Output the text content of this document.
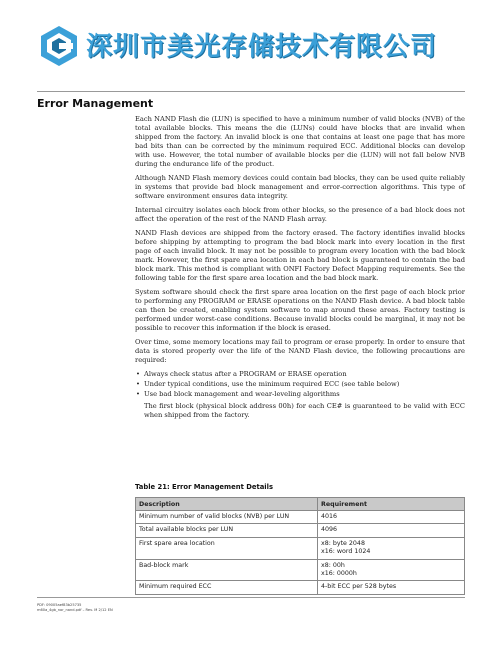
深圳市美光存储技术有限公司
Error Management

Each NAND Flash die (LUN) is specified to have a minimum number of valid blocks (NVB) of the total available blocks. This means the die (LUNs) could have blocks that are invalid when shipped from the factory. An invalid block is one that contains at least one page that has more bad bits than can be corrected by the minimum required ECC. Additional blocks can develop with use. However, the total number of available blocks per die (LUN) will not fall below NVB during the endurance life of the product.

Although NAND Flash memory devices could contain bad blocks, they can be used quite reliably in systems that provide bad block management and error-correction algorithms. This type of software environment ensures data integrity.

Internal circuitry isolates each block from other blocks, so the presence of a bad block does not affect the operation of the rest of the NAND Flash array.

NAND Flash devices are shipped from the factory erased. The factory identifies invalid blocks before shipping by attempting to program the bad block mark into every location in the first page of each invalid block. It may not be possible to program every location with the bad block mark. However, the first spare area location in each bad block is guaranteed to contain the bad block mark. This method is compliant with ONFI Factory Defect Mapping requirements. See the following table for the first spare area location and the bad block mark.

System software should check the first spare area location on the first page of each block prior to performing any PROGRAM or ERASE operations on the NAND Flash device. A bad block table can then be created, enabling system software to map around these areas. Factory testing is performed under worst-case conditions. Because invalid blocks could be marginal, it may not be possible to recover this information if the block is erased.

Over time, some memory locations may fail to program or erase properly. In order to ensure that data is stored properly over the life of the NAND Flash device, the following precautions are required:

• Always check status after a PROGRAM or ERASE operation
• Under typical conditions, use the minimum required ECC (see table below)
• Use bad block management and wear-leveling algorithms

The first block (physical block address 00h) for each CE# is guaranteed to be valid with ECC when shipped from the factory.

Table 21: Error Management Details
Description	Requirement
Minimum number of valid blocks (NVB) per LUN	4016
Total available blocks per LUN	4096
First spare area location	x8: byte 2048
x16: word 1024

Bad-block mark	x8: 00h
x16: 0000h

Minimum required ECC	4-bit ECC per 528 bytes
PDF: 09005aef83b25735
m60a_4gb_nor_nand.pdf – Rev. M 2/12 EN
